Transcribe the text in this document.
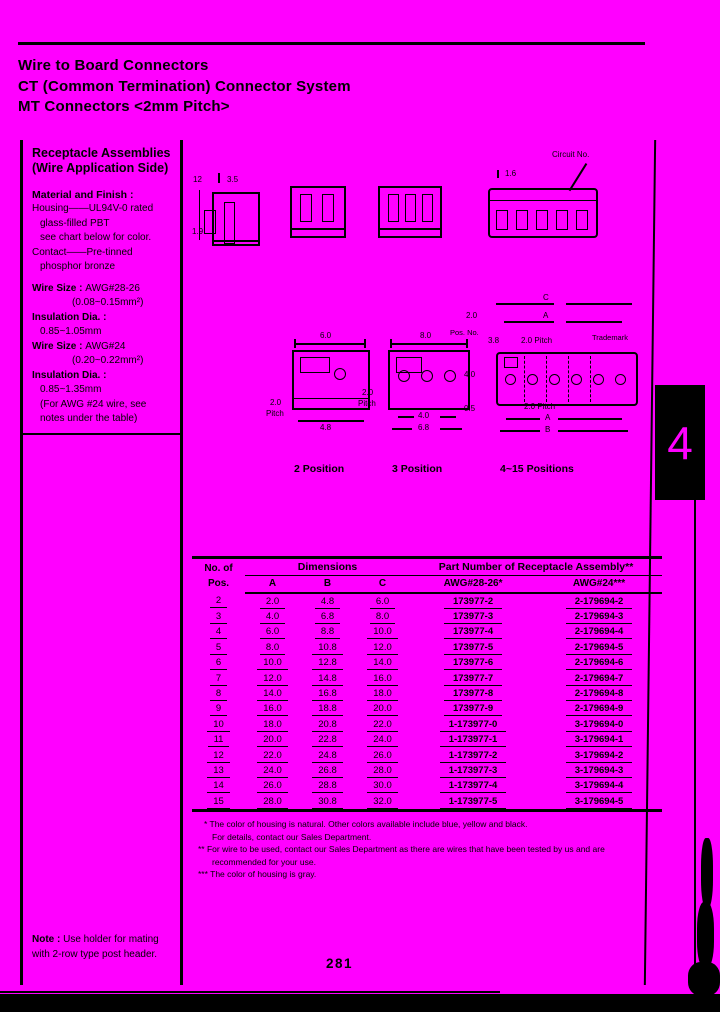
Wire to Board Connectors
CT (Common Termination) Connector System
MT Connectors <2mm Pitch>
Receptacle Assemblies
(Wire Application Side)
Material and Finish :
Housing——UL94V-0 rated
glass-filled PBT
see chart below for color.
Contact——Pre-tinned
phosphor bronze
Wire Size : AWG#28-26
(0.08~0.15mm²)
Insulation Dia. :
0.85~1.05mm
Wire Size : AWG#24
(0.20~0.22mm²)
Insulation Dia. :
0.85~1.35mm
(For AWG #24 wire, see
notes under the table)
Note : Use holder for mating
with 2-row type post header.
12	3.5
1.9
1.6
Circuit No.
6.0
2.0
Pitch
4.8
8.0
2.0
Pitch
4.0
6.8
C
A
2.0
Pos. No.
3.8	2.0 Pitch	Trademark
4.0
0.5	2.0 Pitch
A
B
2 Position	3 Position	4~15 Positions
No. of
Pos.	Dimensions			Part Number of Receptacle Assembly**	
	A	B	C	AWG#28-26*	AWG#24***
2	2.0	4.8	6.0	173977-2	2-179694-2
3	4.0	6.8	8.0	173977-3	2-179694-3
4	6.0	8.8	10.0	173977-4	2-179694-4
5	8.0	10.8	12.0	173977-5	2-179694-5
6	10.0	12.8	14.0	173977-6	2-179694-6
7	12.0	14.8	16.0	173977-7	2-179694-7
8	14.0	16.8	18.0	173977-8	2-179694-8
9	16.0	18.8	20.0	173977-9	2-179694-9
10	18.0	20.8	22.0	1-173977-0	3-179694-0
11	20.0	22.8	24.0	1-173977-1	3-179694-1
12	22.0	24.8	26.0	1-173977-2	3-179694-2
13	24.0	26.8	28.0	1-173977-3	3-179694-3
14	26.0	28.8	30.0	1-173977-4	3-179694-4
15	28.0	30.8	32.0	1-173977-5	3-179694-5
* The color of housing is natural. Other colors available include blue, yellow and black.
For details, contact our Sales Department.
** For wire to be used, contact our Sales Department as there are wires that have been tested by us and are
recommended for your use.
*** The color of housing is gray.
4
281
